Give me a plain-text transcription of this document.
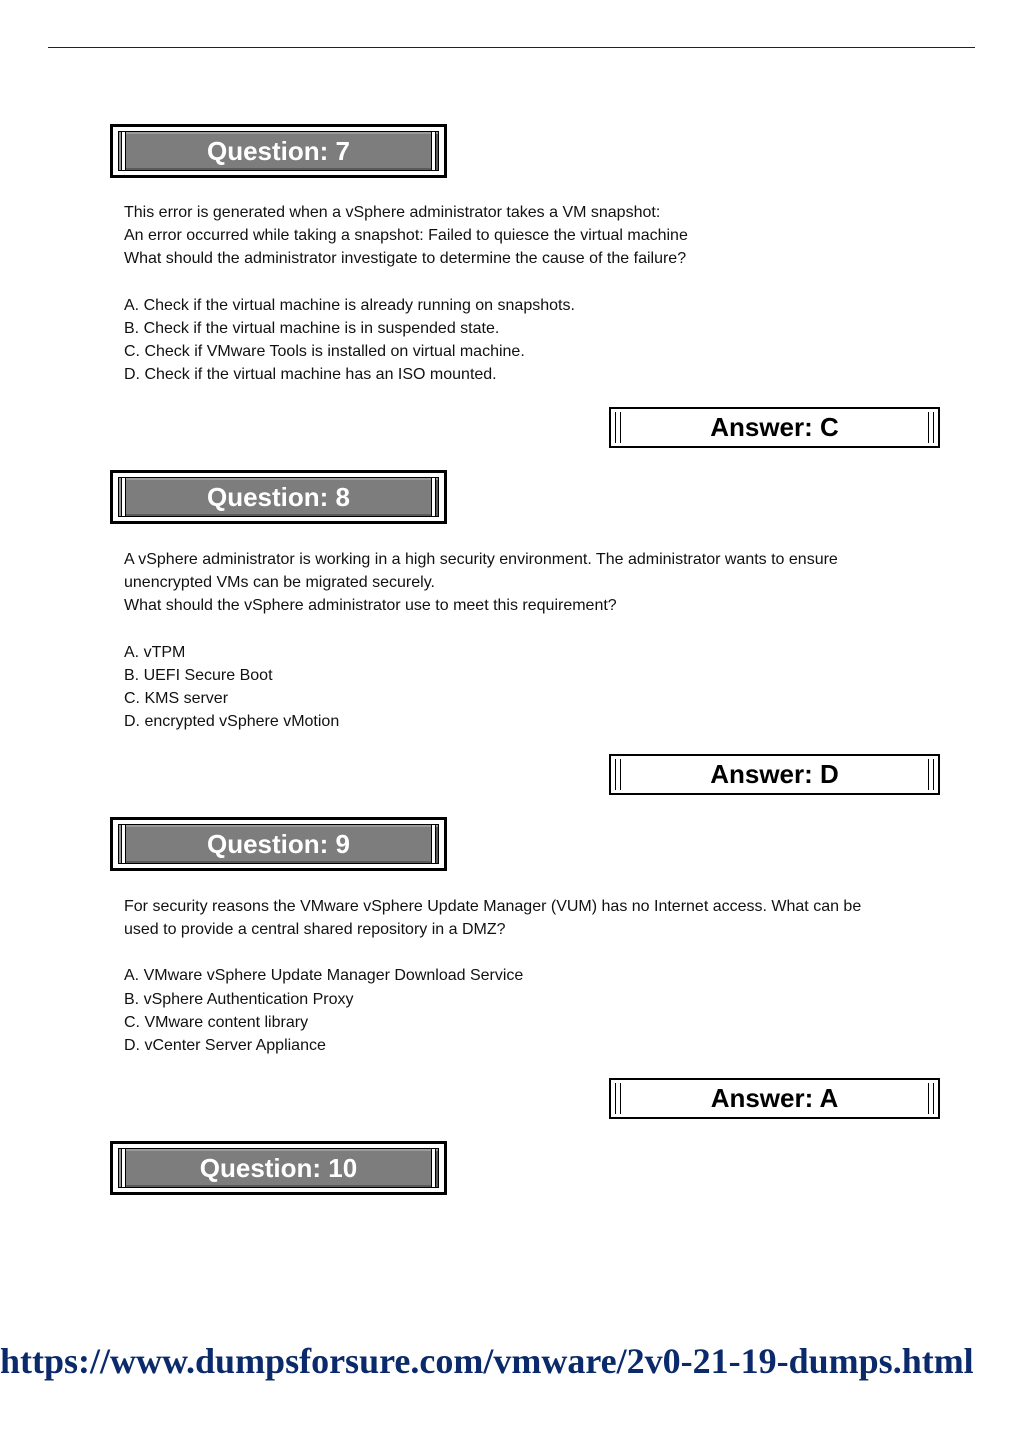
Question: 7

This error is generated when a vSphere administrator takes a VM snapshot:

An error occurred while taking a snapshot: Failed to quiesce the virtual machine

What should the administrator investigate to determine the cause of the failure?

A. Check if the virtual machine is already running on snapshots.

B. Check if the virtual machine is in suspended state.

C. Check if VMware Tools is installed on virtual machine.

D. Check if the virtual machine has an ISO mounted.

Answer: C
Question: 8

A vSphere administrator is working in a high security environment. The administrator wants to ensure

unencrypted VMs can be migrated securely.

What should the vSphere administrator use to meet this requirement?

A. vTPM

B. UEFI Secure Boot

C. KMS server

D. encrypted vSphere vMotion

Answer: D
Question: 9

For security reasons the VMware vSphere Update Manager (VUM) has no Internet access. What can be

used to provide a central shared repository in a DMZ?

A. VMware vSphere Update Manager Download Service

B. vSphere Authentication Proxy

C. VMware content library

D. vCenter Server Appliance

Answer: A
Question: 10
https://www.dumpsforsure.com/vmware/2v0-21-19-dumps.html
